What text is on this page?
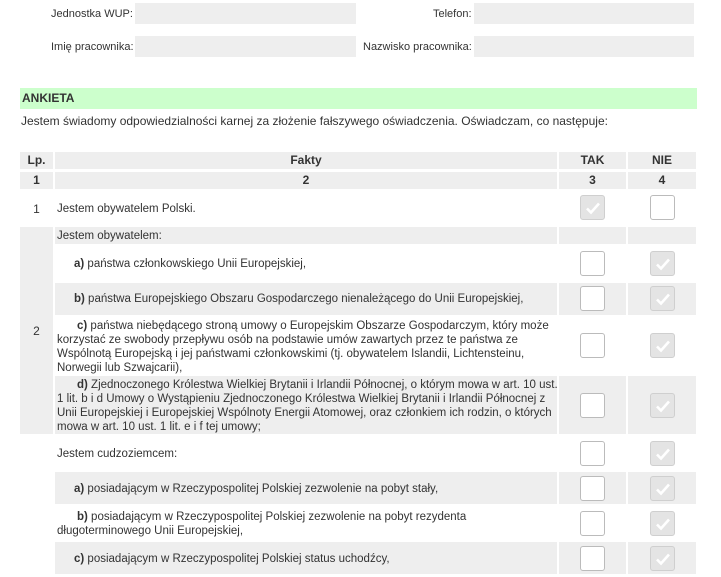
Jednostka WUP:	Telefon:
Imię pracownika:	Nazwisko pracownika:
ANKIETA
Jestem świadomy odpowiedzialności karnej za złożenie fałszywego oświadczenia. Oświadczam, co następuje:
Lp.	Fakty	TAK	NIE
1	2	3	4
1	Jestem obywatelem Polski.
2
Jestem obywatelem:
a) państwa członkowskiego Unii Europejskiej,
b) państwa Europejskiego Obszaru Gospodarczego nienależącego do Unii Europejskiej,
c) państwa niebędącego stroną umowy o Europejskim Obszarze Gospodarczym, który może korzystać ze swobody przepływu osób na podstawie umów zawartych przez te państwa ze Wspólnotą Europejską i jej państwami członkowskimi (tj. obywatelem Islandii, Lichtensteinu, Norwegii lub Szwajcarii),
d) Zjednoczonego Królestwa Wielkiej Brytanii i Irlandii Północnej, o którym mowa w art. 10 ust. 1 lit. b i d Umowy o Wystąpieniu Zjednoczonego Królestwa Wielkiej Brytanii i Irlandii Północnej z Unii Europejskiej i Europejskiej Wspólnoty Energii Atomowej, oraz członkiem ich rodzin, o których mowa w art. 10 ust. 1 lit. e i f tej umowy;
Jestem cudzoziemcem:
a) posiadającym w Rzeczypospolitej Polskiej zezwolenie na pobyt stały,
b) posiadającym w Rzeczypospolitej Polskiej zezwolenie na pobyt rezydenta długoterminowego Unii Europejskiej,
c) posiadającym w Rzeczypospolitej Polskiej status uchodźcy,
